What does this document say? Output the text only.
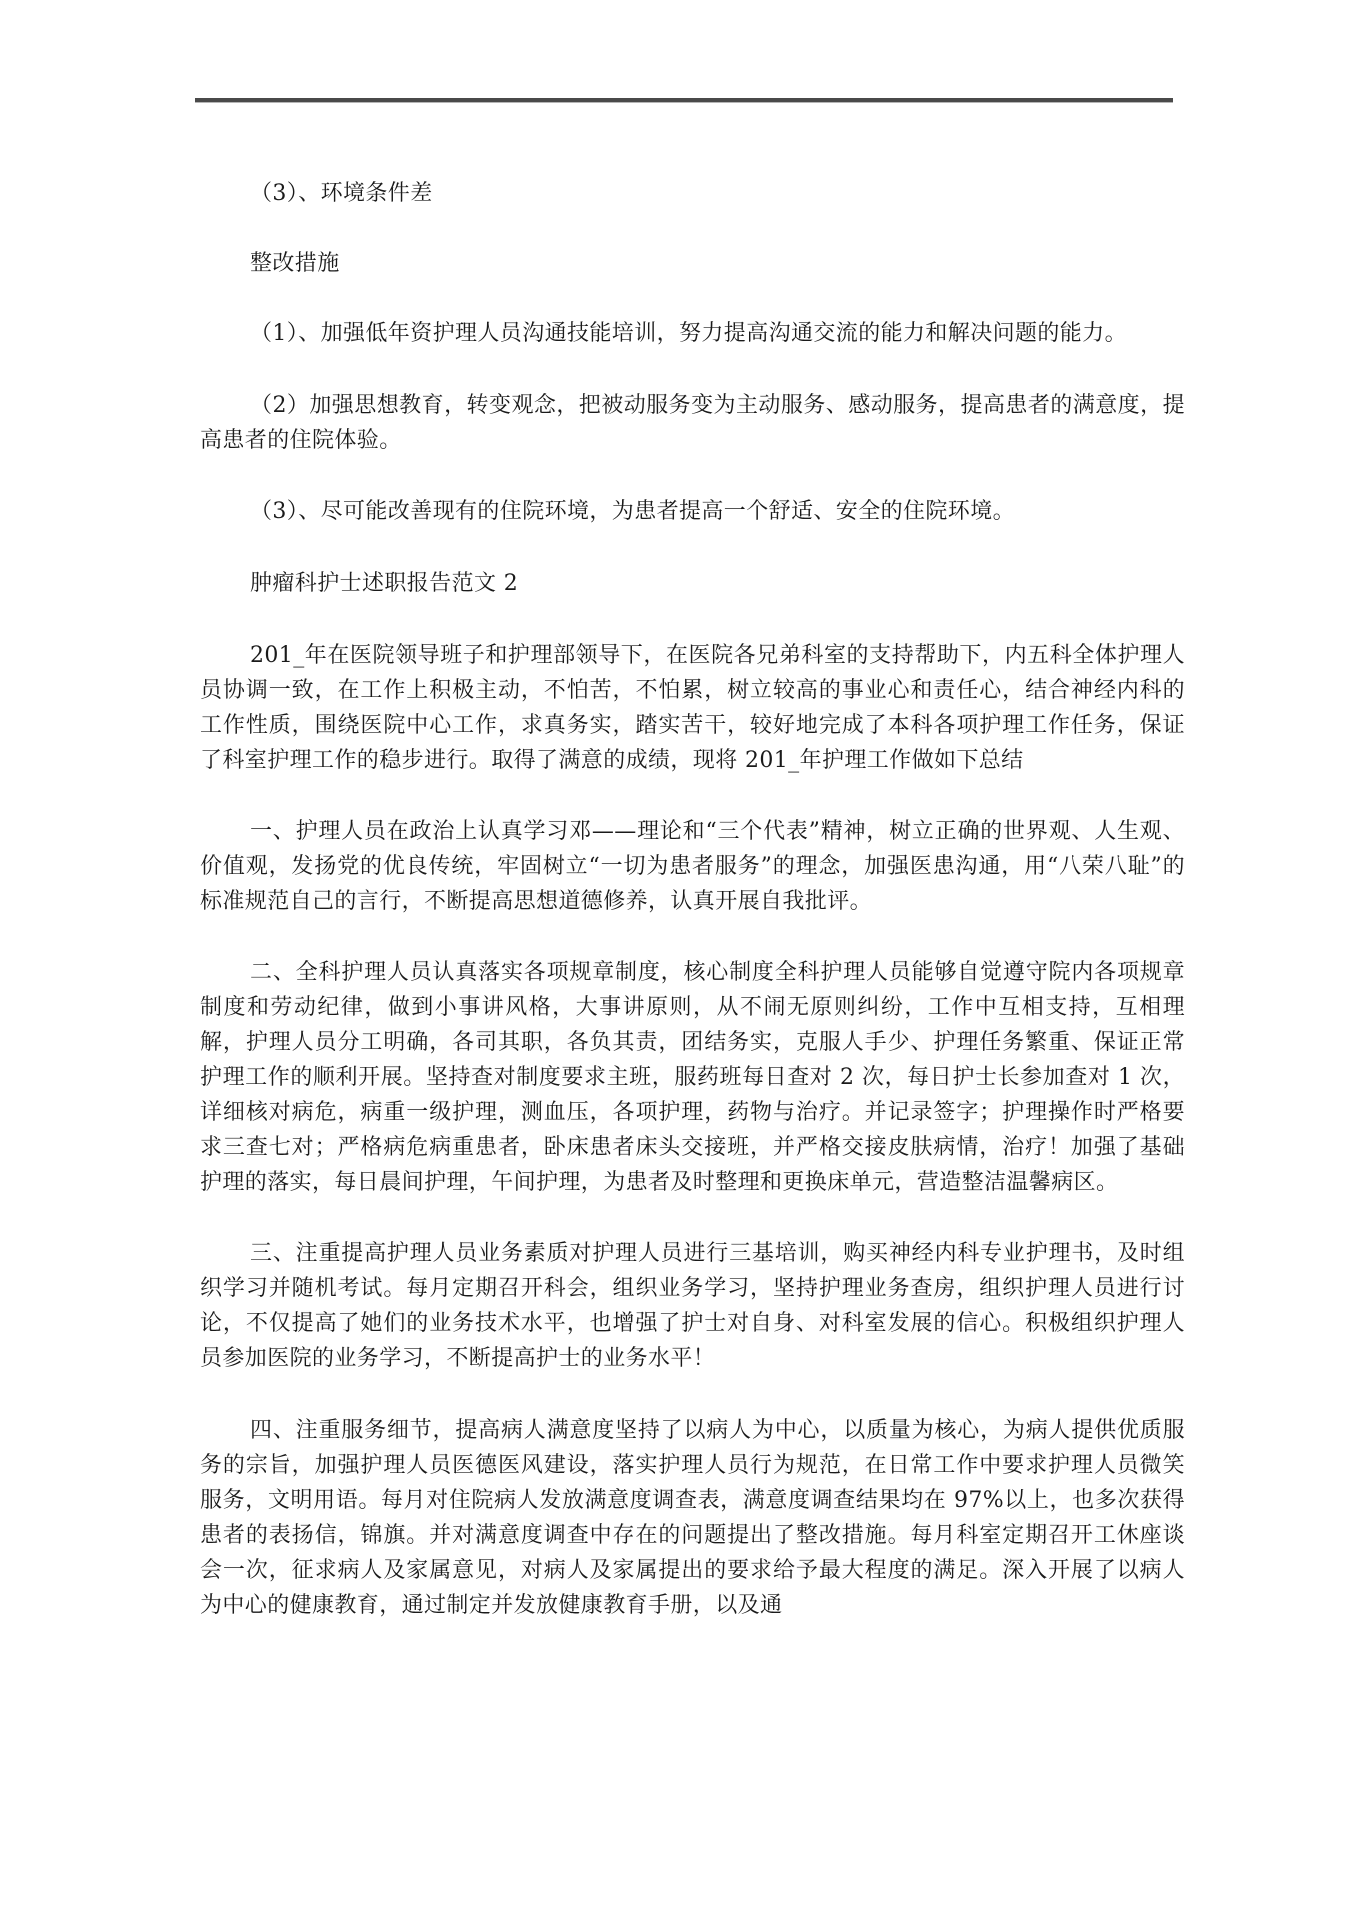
（3）、环境条件差

整改措施

（1）、加强低年资护理人员沟通技能培训，努力提高沟通交流的能力和解决问题的能力。

（2）加强思想教育，转变观念，把被动服务变为主动服务、感动服务，提高患者的满意度，提高患者的住院体验。

（3）、尽可能改善现有的住院环境，为患者提高一个舒适、安全的住院环境。

肿瘤科护士述职报告范文 2

201_年在医院领导班子和护理部领导下，在医院各兄弟科室的支持帮助下，内五科全体护理人员协调一致，在工作上积极主动，不怕苦，不怕累，树立较高的事业心和责任心，结合神经内科的工作性质，围绕医院中心工作，求真务实，踏实苦干，较好地完成了本科各项护理工作任务，保证了科室护理工作的稳步进行。取得了满意的成绩，现将 201_年护理工作做如下总结

一、护理人员在政治上认真学习邓——理论和“三个代表”精神，树立正确的世界观、人生观、价值观，发扬党的优良传统，牢固树立“一切为患者服务”的理念，加强医患沟通，用“八荣八耻”的标准规范自己的言行，不断提高思想道德修养，认真开展自我批评。

二、全科护理人员认真落实各项规章制度，核心制度全科护理人员能够自觉遵守院内各项规章制度和劳动纪律，做到小事讲风格，大事讲原则，从不闹无原则纠纷，工作中互相支持，互相理解，护理人员分工明确，各司其职，各负其责，团结务实，克服人手少、护理任务繁重、保证正常护理工作的顺利开展。坚持查对制度要求主班，服药班每日查对 2 次，每日护士长参加查对 1 次，详细核对病危，病重一级护理，测血压，各项护理，药物与治疗。并记录签字；护理操作时严格要求三查七对；严格病危病重患者，卧床患者床头交接班，并严格交接皮肤病情，治疗！加强了基础护理的落实，每日晨间护理，午间护理，为患者及时整理和更换床单元，营造整洁温馨病区。

三、注重提高护理人员业务素质对护理人员进行三基培训，购买神经内科专业护理书，及时组织学习并随机考试。每月定期召开科会，组织业务学习，坚持护理业务查房，组织护理人员进行讨论，不仅提高了她们的业务技术水平，也增强了护士对自身、对科室发展的信心。积极组织护理人员参加医院的业务学习，不断提高护士的业务水平！

四、注重服务细节，提高病人满意度坚持了以病人为中心，以质量为核心，为病人提供优质服务的宗旨，加强护理人员医德医风建设，落实护理人员行为规范，在日常工作中要求护理人员微笑服务，文明用语。每月对住院病人发放满意度调查表，满意度调查结果均在 97%以上，也多次获得患者的表扬信，锦旗。并对满意度调查中存在的问题提出了整改措施。每月科室定期召开工休座谈会一次，征求病人及家属意见，对病人及家属提出的要求给予最大程度的满足。深入开展了以病人为中心的健康教育，通过制定并发放健康教育手册，以及通
